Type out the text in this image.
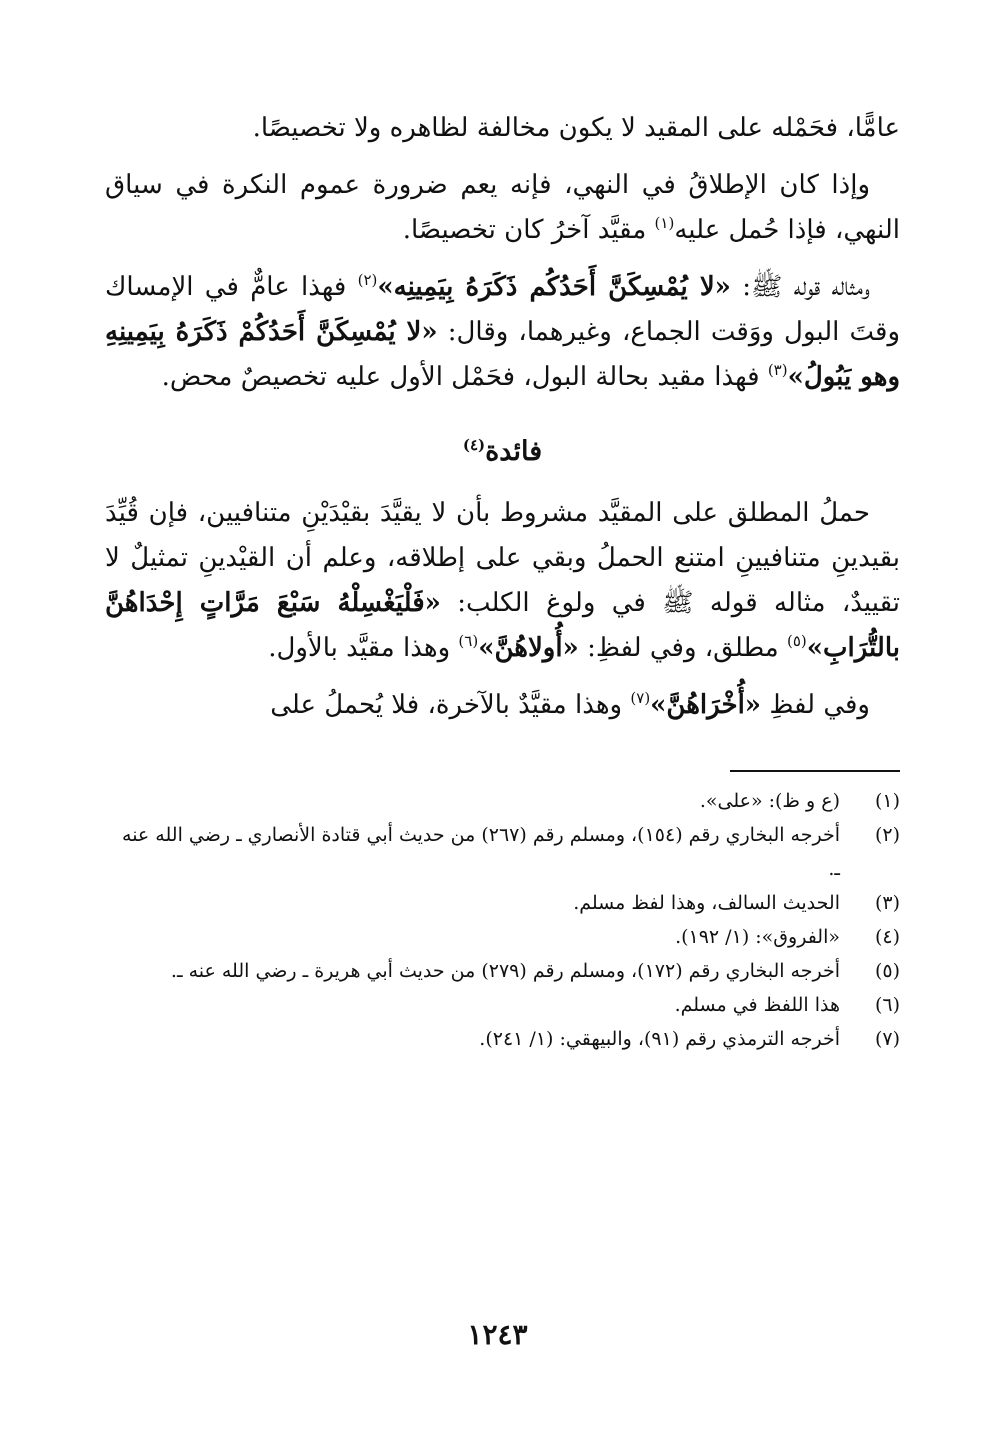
عامًّا، فحَمْله على المقيد لا يكون مخالفة لظاهره ولا تخصيصًا.

وإذا كان الإطلاقُ في النهي، فإنه يعم ضرورة عموم النكرة في سياق النهي، فإذا حُمل عليه$^{(١)}$ مقيَّد آخرُ كان تخصيصًا.

ومثاله قوله ﷺ: «لا يُمْسِكَنَّ أَحَدُكُم ذَكَرَهُ بِيَمِينِه»$^{(٢)}$ فهذا عامٌّ في الإمساك وقتَ البول ووَقت الجماع، وغيرهما، وقال: «لا يُمْسِكَنَّ أَحَدُكُمْ ذَكَرَهُ بِيَمِينِهِ وهو يَبُولُ»$^{(٣)}$ فهذا مقيد بحالة البول، فحَمْل الأول عليه تخصيصٌ محض.

فائدة$^{(٤)}$

حملُ المطلق على المقيَّد مشروط بأن لا يقيَّدَ بقيْدَيْنِ متنافيين، فإن قُيِّدَ بقيدينِ متنافيينِ امتنع الحملُ وبقي على إطلاقه، وعلم أن القيْدينِ تمثيلٌ لا تقييدٌ، مثاله قوله ﷺ في ولوغ الكلب: «فَلْيَغْسِلْهُ سَبْعَ مَرَّاتٍ إِحْدَاهُنَّ بالتُّرَابِ»$^{(٥)}$ مطلق، وفي لفظِ: «أُولاهُنَّ»$^{(٦)}$ وهذا مقيَّد بالأول.

وفي لفظِ «أُخْرَاهُنَّ»$^{(٧)}$ وهذا مقيَّدٌ بالآخرة، فلا يُحملُ على

(١)
(ع و ظ): «على».
(٢)
أخرجه البخاري رقم (١٥٤)، ومسلم رقم (٢٦٧) من حديث أبي قتادة الأنصاري ـ رضي الله عنه ـ.
(٣)
الحديث السالف، وهذا لفظ مسلم.
(٤)
«الفروق»: (١/ ١٩٢).
(٥)
أخرجه البخاري رقم (١٧٢)، ومسلم رقم (٢٧٩) من حديث أبي هريرة ـ رضي الله عنه ـ.
(٦)
هذا اللفظ في مسلم.
(٧)
أخرجه الترمذي رقم (٩١)، والبيهقي: (١/ ٢٤١).
١٢٤٣
